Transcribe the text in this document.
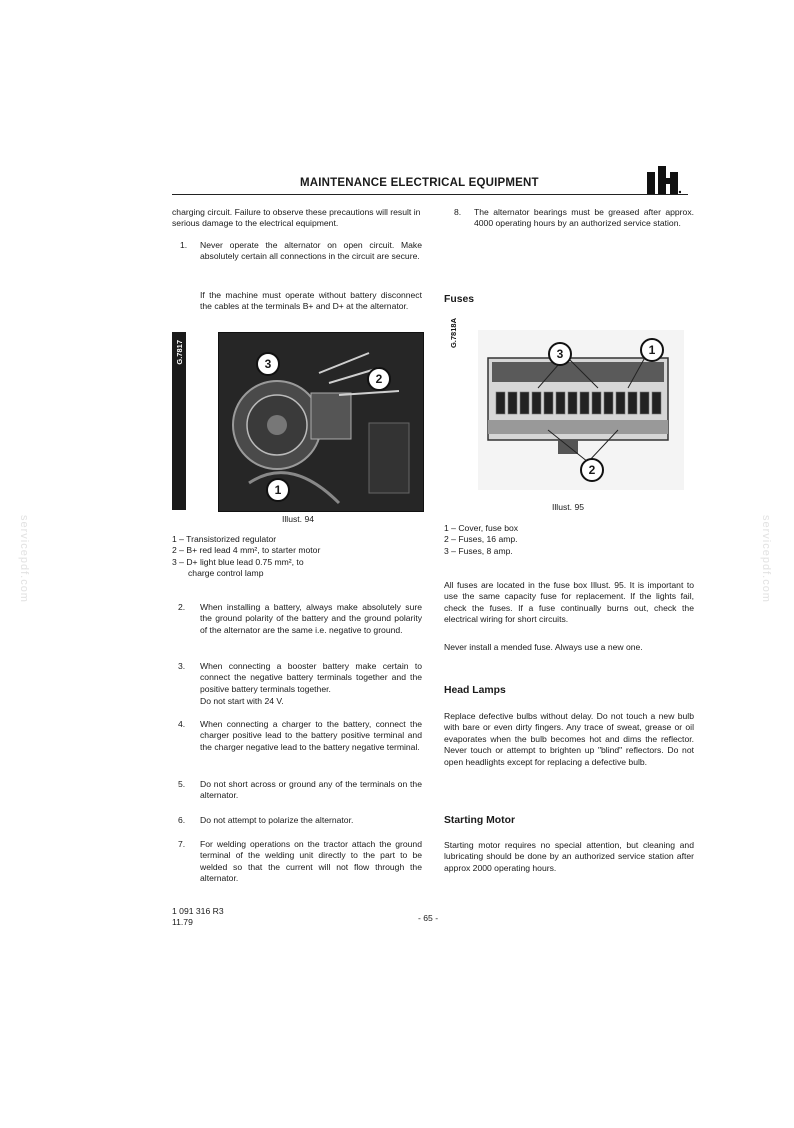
servicepdf.com	servicepdf.com
MAINTENANCE ELECTRICAL EQUIPMENT

charging circuit. Failure to observe these precautions will result in serious damage to the electrical equipment.

1.	Never operate the alternator on open circuit. Make absolutely certain all connections in the circuit are secure.

If the machine must operate without battery disconnect the cables at the terminals B+ and D+ at the alternator.

G.7817	3
2
1
Illust. 94

1 – Transistorized regulator

2 – B+ red lead 4 mm², to starter motor

3 – D+ light blue lead 0.75 mm², to

charge control lamp

2.	When installing a battery, always make absolutely sure the ground polarity of the battery and the ground polarity of the alternator are the same i.e. negative to ground.
3.	When connecting a booster battery make certain to connect the negative battery terminals together and the positive battery terminals together.

Do not start with 24 V.

4.	When connecting a charger to the battery, connect the charger positive lead to the battery positive terminal and the charger negative lead to the battery negative terminal.
5.	Do not short across or ground any of the terminals on the alternator.
6.	Do not attempt to polarize the alternator.
7.	For welding operations on the tractor attach the ground terminal of the welding unit directly to the part to be welded so that the current will not flow through the alternator.
8.	The alternator bearings must be greased after approx. 4000 operating hours by an authorized service station.
Fuses
G.7818A
3	1
2
Illust. 95

1 – Cover, fuse box

2 – Fuses, 16 amp.

3 – Fuses, 8 amp.

All fuses are located in the fuse box Illust. 95. It is important to use the same capacity fuse for replacement. If the lights fail, check the fuses. If a fuse continually burns out, check the electrical wiring for short circuits.

Never install a mended fuse. Always use a new one.

Head Lamps

Replace defective bulbs without delay. Do not touch a new bulb with bare or even dirty fingers. Any trace of sweat, grease or oil evaporates when the bulb becomes hot and dims the reflector. Never touch or attempt to brighten up "blind" reflectors. Do not open headlights except for replacing a defective bulb.

Starting Motor

Starting motor requires no special attention, but cleaning and lubricating should be done by an authorized service station after approx 2000 operating hours.

1 091 316 R3
11.79	- 65 -
